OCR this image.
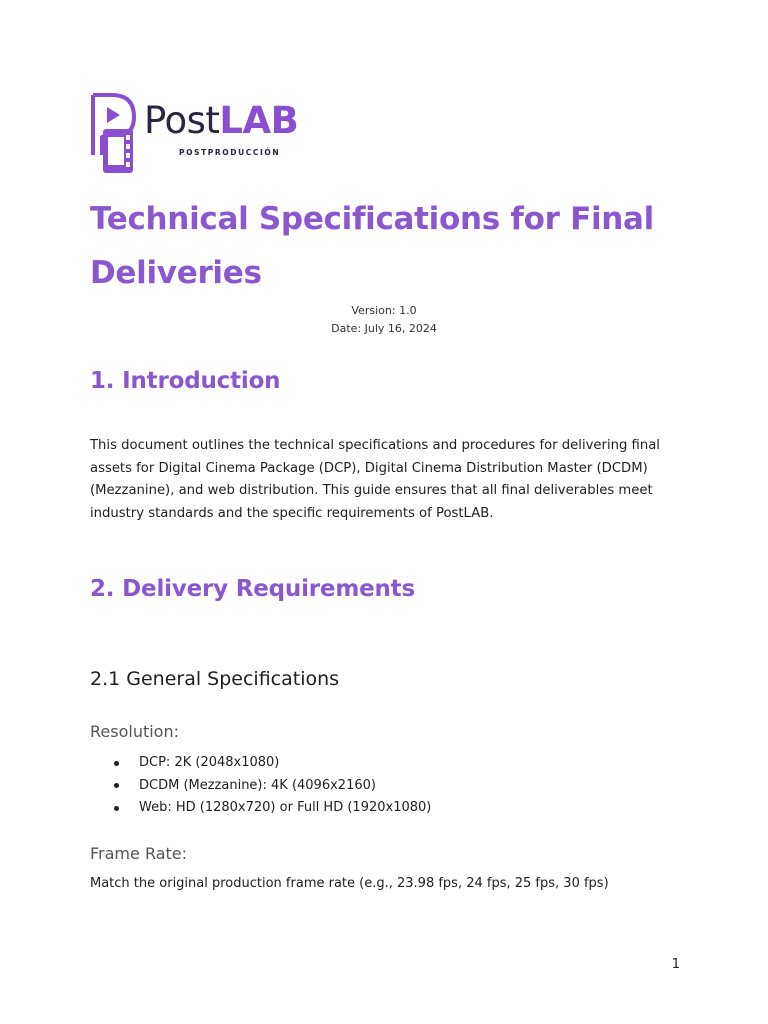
PostLAB
POSTPRODUCCIÓN
Technical Specifications for Final Deliveries
Version: 1.0
Date: July 16, 2024
1. Introduction

This document outlines the technical specifications and procedures for delivering final assets for Digital Cinema Package (DCP), Digital Cinema Distribution Master (DCDM) (Mezzanine), and web distribution. This guide ensures that all final deliverables meet industry standards and the specific requirements of PostLAB.

2. Delivery Requirements
2.1 General Specifications
Resolution:
DCP: 2K (2048x1080)
DCDM (Mezzanine): 4K (4096x2160)
Web: HD (1280x720) or Full HD (1920x1080)
Frame Rate:

Match the original production frame rate (e.g., 23.98 fps, 24 fps, 25 fps, 30 fps)

1
